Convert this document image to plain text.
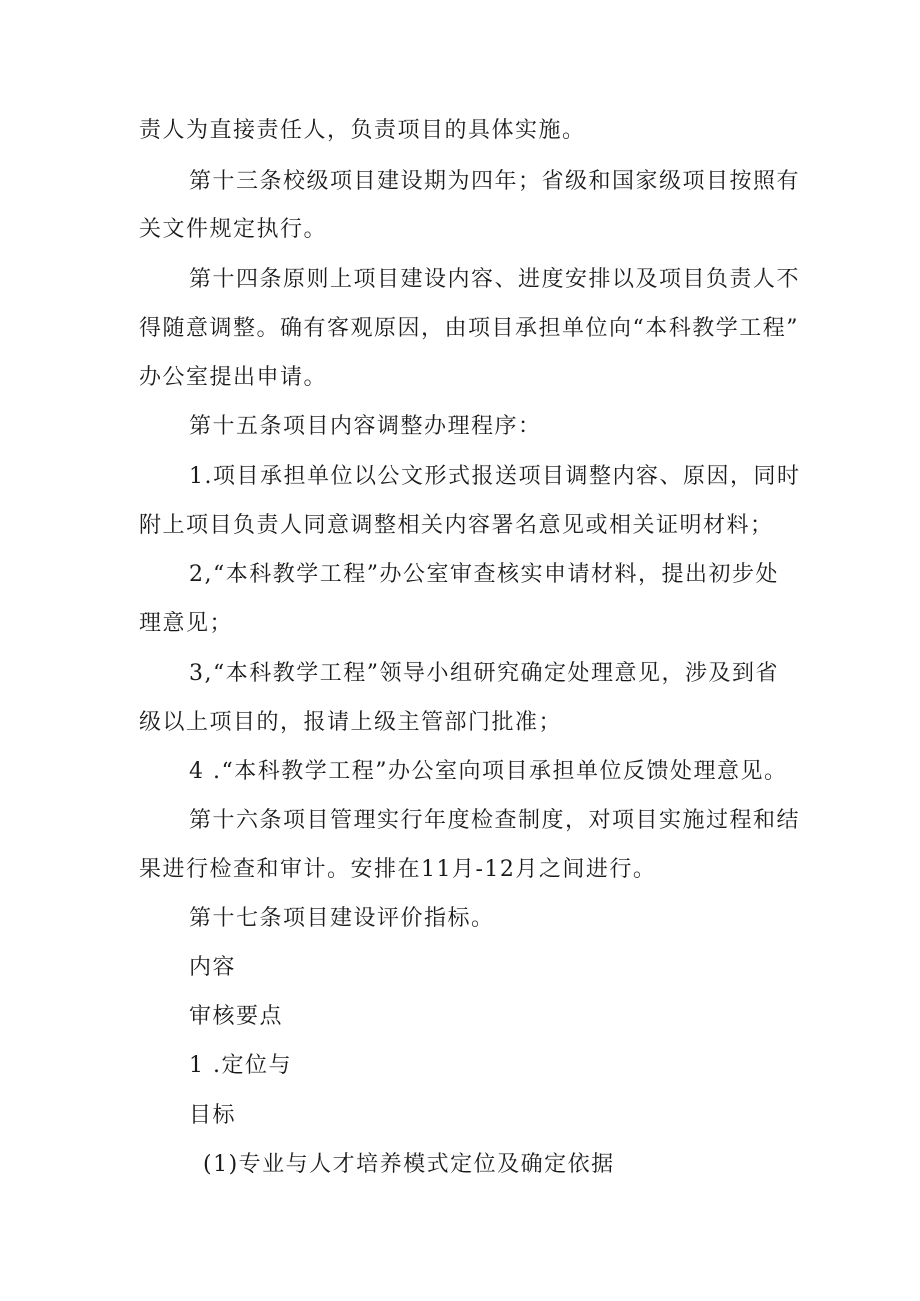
责人为直接责任人，负责项目的具体实施。
第十三条校级项目建设期为四年；省级和国家级项目按照有
关文件规定执行。
第十四条原则上项目建设内容、进度安排以及项目负责人不
得随意调整。确有客观原因，由项目承担单位向“本科教学工程”
办公室提出申请。
第十五条项目内容调整办理程序：
1.项目承担单位以公文形式报送项目调整内容、原因，同时
附上项目负责人同意调整相关内容署名意见或相关证明材料；
2,“本科教学工程”办公室审查核实申请材料，提出初步处
理意见；
3,“本科教学工程”领导小组研究确定处理意见，涉及到省
级以上项目的，报请上级主管部门批准；
4 .“本科教学工程”办公室向项目承担单位反馈处理意见。
第十六条项目管理实行年度检查制度，对项目实施过程和结
果进行检查和审计。安排在11月-12月之间进行。
第十七条项目建设评价指标。
内容
审核要点
1 .定位与
目标
(1)专业与人才培养模式定位及确定依据
